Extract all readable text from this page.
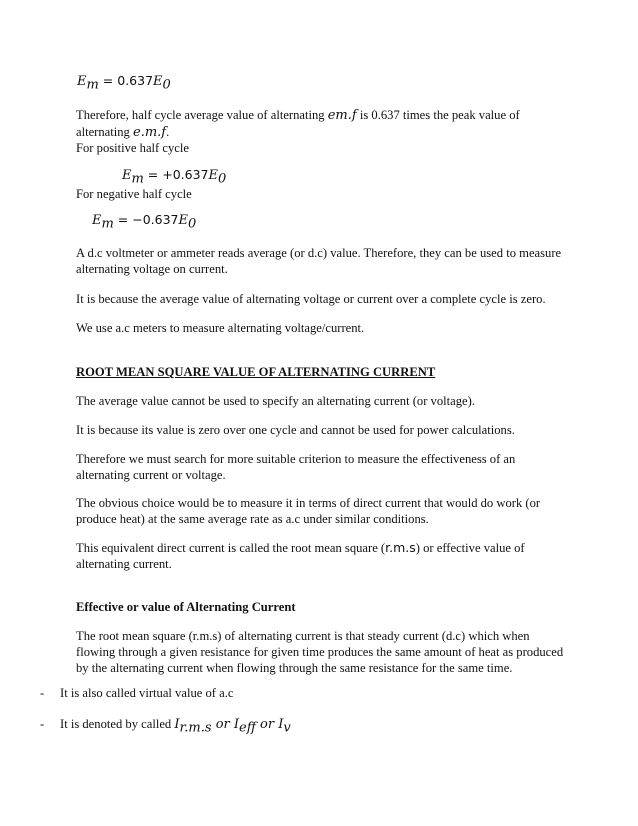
$E_m = 0.637E_0$
Therefore, half cycle average value of alternating em.f is 0.637 times the peak value of alternating e.m.f.
For positive half cycle
$E_m = +0.637E_0$
For negative half cycle
$E_m = -0.637E_0$
A d.c voltmeter or ammeter reads average (or d.c) value. Therefore, they can be used to measure alternating voltage on current.
It is because the average value of alternating voltage or current over a complete cycle is zero.
We use a.c meters to measure alternating voltage/current.
ROOT MEAN SQUARE VALUE OF ALTERNATING CURRENT
The average value cannot be used to specify an alternating current (or voltage).
It is because its value is zero over one cycle and cannot be used for power calculations.
Therefore we must search for more suitable criterion to measure the effectiveness of an alternating current or voltage.
The obvious choice would be to measure it in terms of direct current that would do work (or produce heat) at the same average rate as a.c under similar conditions.
This equivalent direct current is called the root mean square (r.m.s) or effective value of alternating current.
Effective or value of Alternating Current
The root mean square (r.m.s) of alternating current is that steady current (d.c) which when flowing through a given resistance for given time produces the same amount of heat as produced by the alternating current when flowing through the same resistance for the same time.
- It is also called virtual value of a.c
- It is denoted by called $I_{r.m.s}$ or $I_{eff}$ or $I_v$
